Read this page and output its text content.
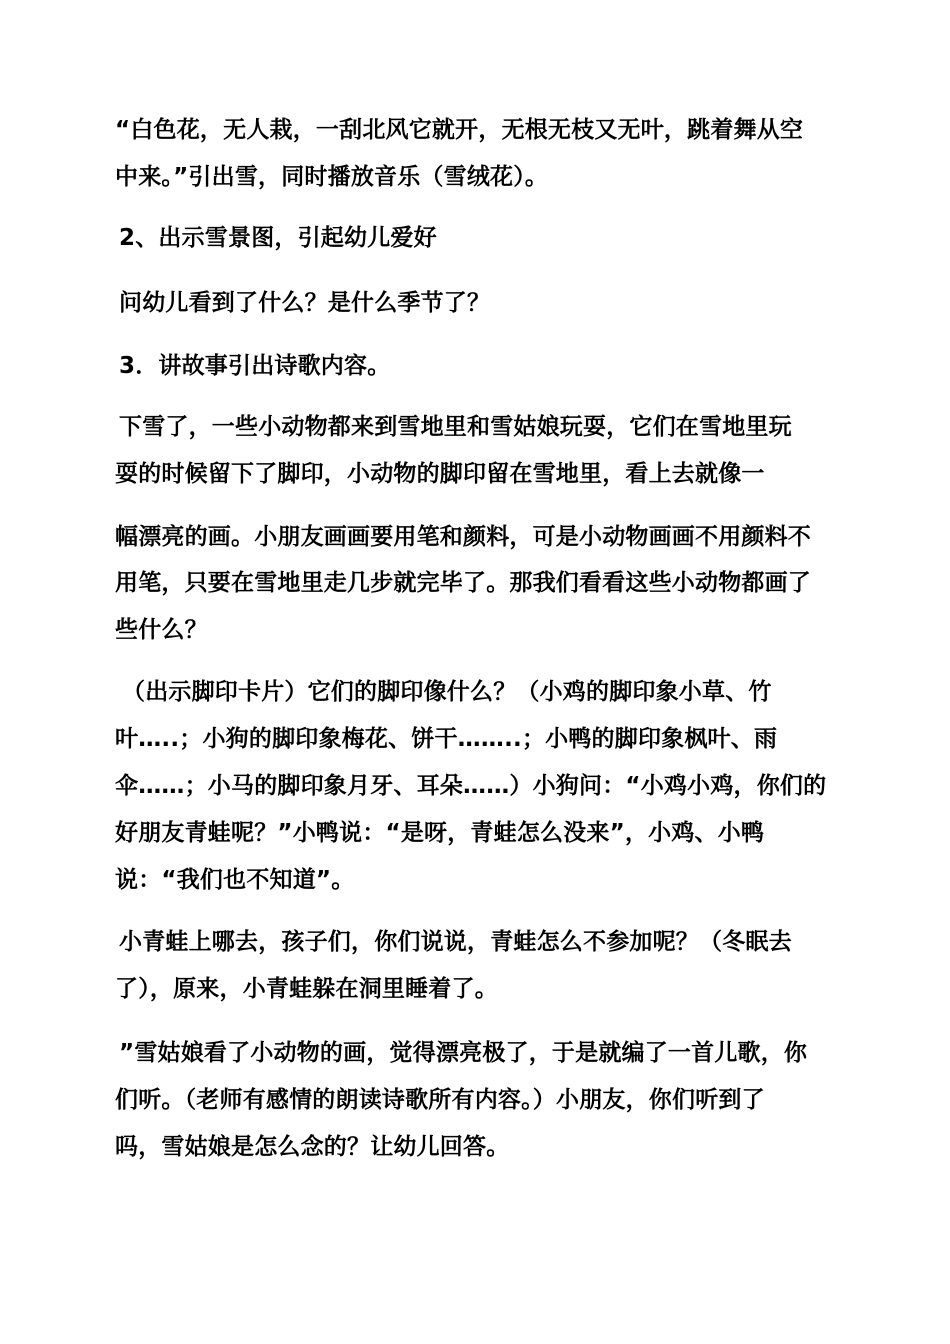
“白色花，无人栽，一刮北风它就开，无根无枝又无叶，跳着舞从空
中来。”引出雪，同时播放音乐（雪绒花）。
2、出示雪景图，引起幼儿爱好
问幼儿看到了什么？是什么季节了？
3．讲故事引出诗歌内容。
下雪了，一些小动物都来到雪地里和雪姑娘玩耍，它们在雪地里玩
耍的时候留下了脚印，小动物的脚印留在雪地里，看上去就像一
幅漂亮的画。小朋友画画要用笔和颜料，可是小动物画画不用颜料不
用笔，只要在雪地里走几步就完毕了。那我们看看这些小动物都画了
些什么？
（出示脚印卡片）它们的脚印像什么？（小鸡的脚印象小草、竹
叶…..；小狗的脚印象梅花、饼干……..；小鸭的脚印象枫叶、雨
伞……；小马的脚印象月牙、耳朵……）小狗问：“小鸡小鸡，你们的
好朋友青蛙呢？”小鸭说：“是呀，青蛙怎么没来”，小鸡、小鸭
说：“我们也不知道”。
小青蛙上哪去，孩子们，你们说说，青蛙怎么不参加呢？（冬眠去
了），原来，小青蛙躲在洞里睡着了。
”雪姑娘看了小动物的画，觉得漂亮极了，于是就编了一首儿歌，你
们听。（老师有感情的朗读诗歌所有内容。）小朋友，你们听到了
吗，雪姑娘是怎么念的？让幼儿回答。
